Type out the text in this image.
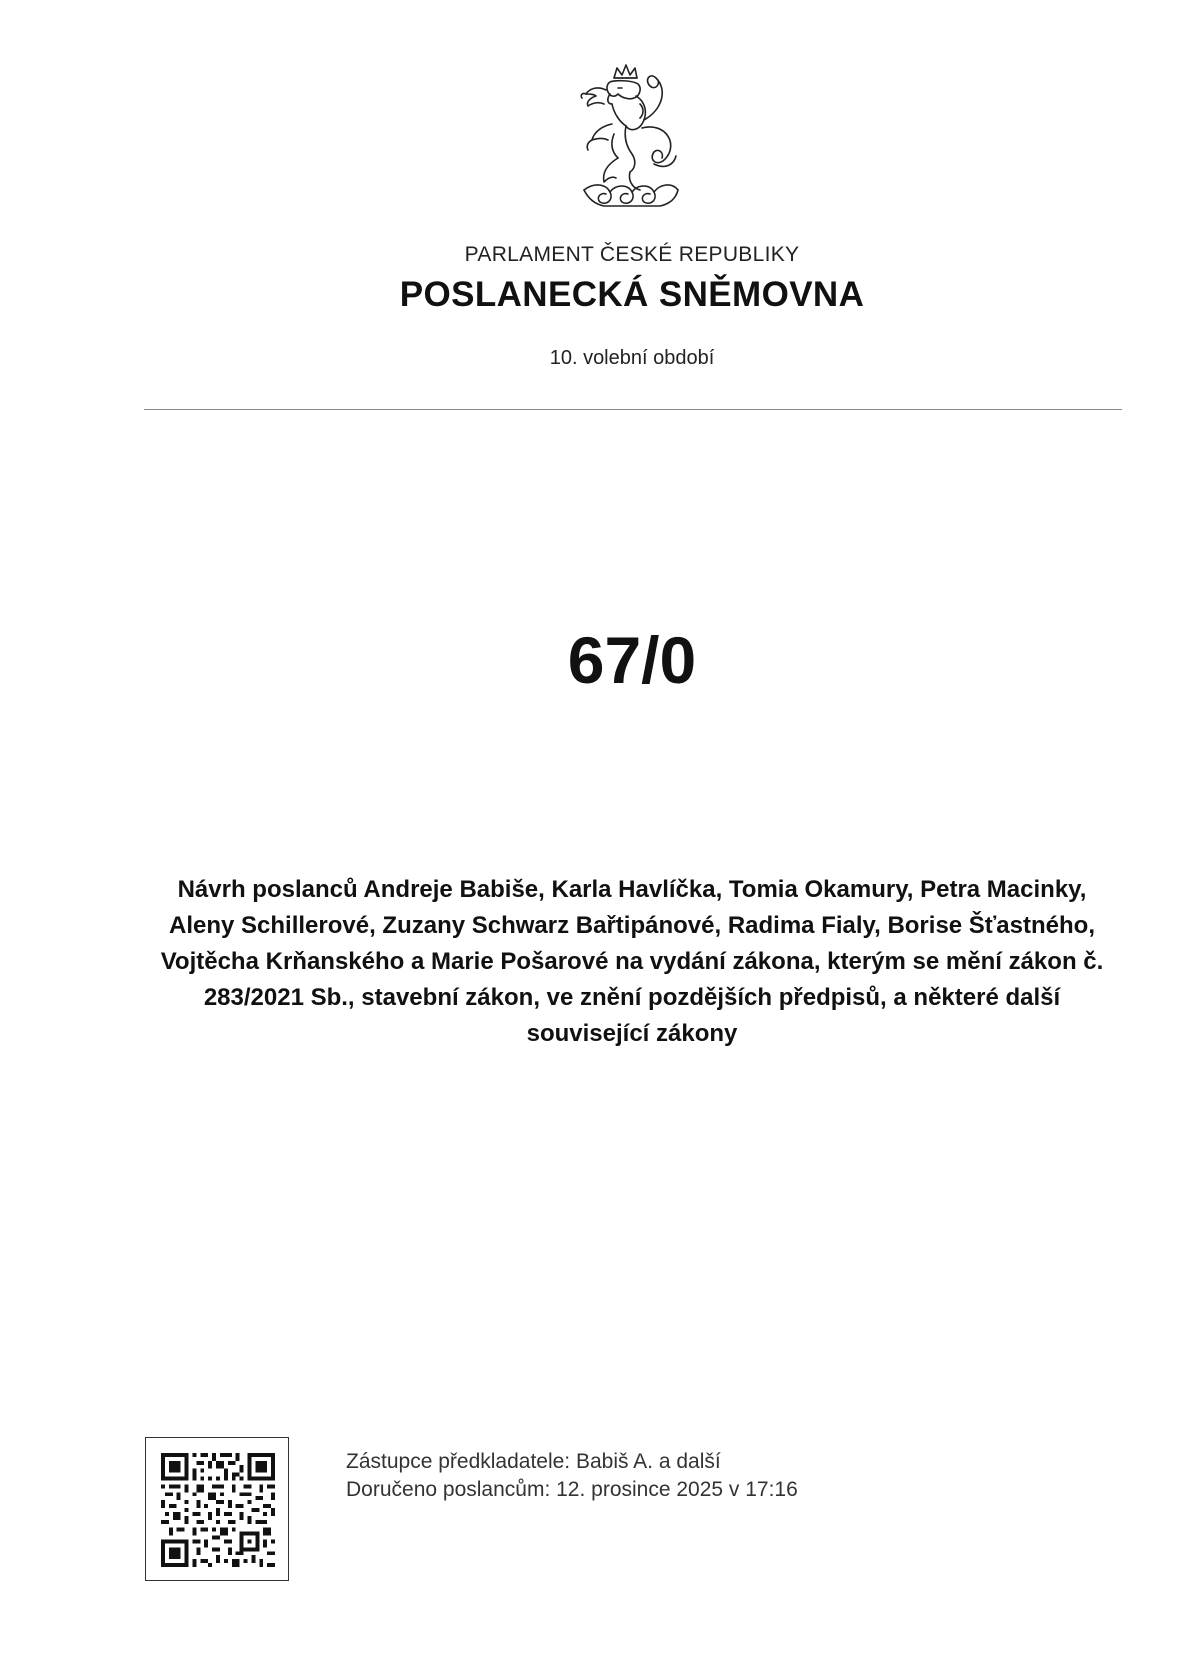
PARLAMENT ČESKÉ REPUBLIKY
POSLANECKÁ SNĚMOVNA
10. volební období
67/0
Návrh poslanců Andreje Babiše, Karla Havlíčka, Tomia Okamury, Petra Macinky, Aleny Schillerové, Zuzany Schwarz Bařtipánové, Radima Fialy, Borise Šťastného, Vojtěcha Krňanského a Marie Pošarové na vydání zákona, kterým se mění zákon č. 283/2021 Sb., stavební zákon, ve znění pozdějších předpisů, a některé další související zákony
Zástupce předkladatele: Babiš A. a další
Doručeno poslancům: 12. prosince 2025 v 17:16
